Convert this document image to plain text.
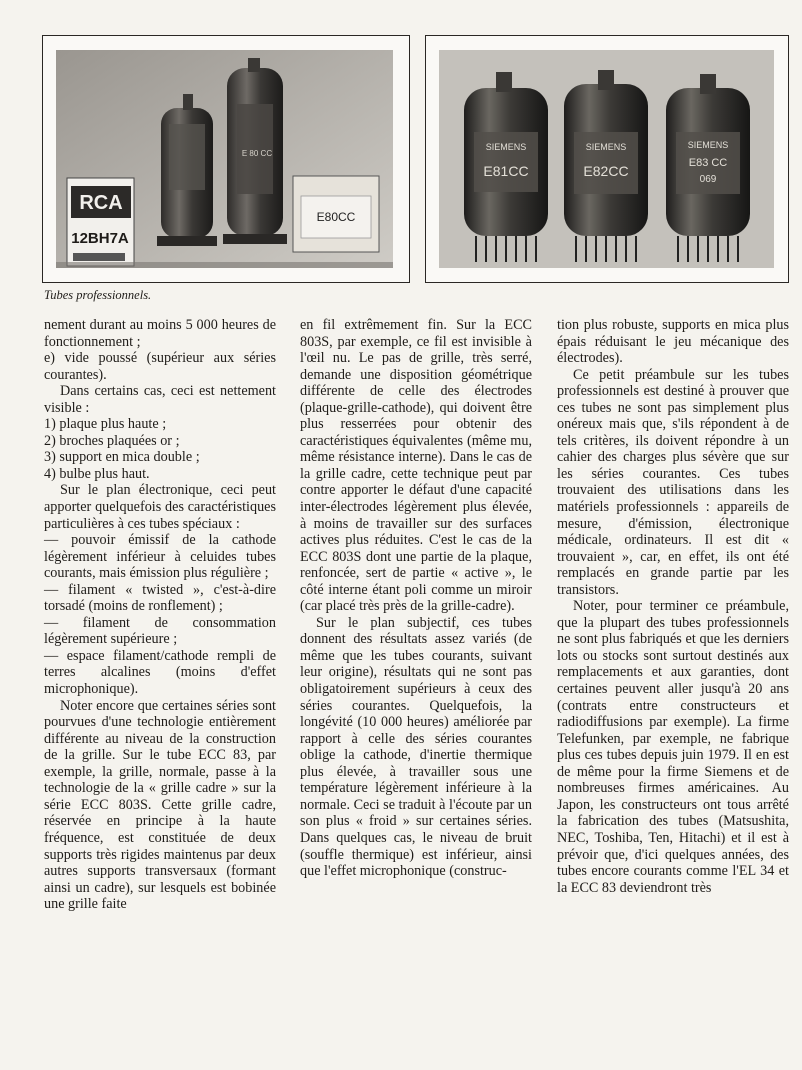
RCA
12BH7A
E 80 CC
E80CC
SIEMENS
E81CC
SIEMENS
E82CC
SIEMENS
E83 CC
069
Tubes professionnels.

nement durant au moins 5 000 heures de fonctionnement ;

e) vide poussé (supérieur aux séries courantes).

Dans certains cas, ceci est nettement visible :

1) plaque plus haute ;

2) broches plaquées or ;

3) support en mica double ;

4) bulbe plus haut.

Sur le plan électronique, ceci peut apporter quelquefois des caractéristiques particulières à ces tubes spéciaux :

— pouvoir émissif de la cathode légèrement inférieur à celuides tubes courants, mais émission plus régulière ;

— filament « twisted », c'est-à-dire torsadé (moins de ronflement) ;

— filament de consommation légèrement supérieure ;

— espace filament/cathode rempli de terres alcalines (moins d'effet microphonique).

Noter encore que certaines séries sont pourvues d'une technologie entièrement différente au niveau de la construction de la grille. Sur le tube ECC 83, par exemple, la grille, normale, passe à la technologie de la « grille cadre » sur la série ECC 803S. Cette grille cadre, réservée en principe à la haute fréquence, est constituée de deux supports très rigides maintenus par deux autres supports transversaux (formant ainsi un cadre), sur lesquels est bobinée une grille faite

en fil extrêmement fin. Sur la ECC 803S, par exemple, ce fil est invisible à l'œil nu. Le pas de grille, très serré, demande une disposition géométrique différente de celle des électrodes (plaque-grille-cathode), qui doivent être plus resserrées pour obtenir des caractéristiques équivalentes (même mu, même résistance interne). Dans le cas de la grille cadre, cette technique peut par contre apporter le défaut d'une capacité inter-électrodes légèrement plus élevée, à moins de travailler sur des surfaces actives plus réduites. C'est le cas de la ECC 803S dont une partie de la plaque, renfoncée, sert de partie « active », le côté interne étant poli comme un miroir (car placé très près de la grille-cadre).

Sur le plan subjectif, ces tubes donnent des résultats assez variés (de même que les tubes courants, suivant leur origine), résultats qui ne sont pas obligatoirement supérieurs à ceux des séries courantes. Quelquefois, la longévité (10 000 heures) améliorée par rapport à celle des séries courantes oblige la cathode, d'inertie thermique plus élevée, à travailler sous une température légèrement inférieure à la normale. Ceci se traduit à l'écoute par un son plus « froid » sur certaines séries. Dans quelques cas, le niveau de bruit (souffle thermique) est inférieur, ainsi que l'effet microphonique (construc-

tion plus robuste, supports en mica plus épais réduisant le jeu mécanique des électrodes).

Ce petit préambule sur les tubes professionnels est destiné à prouver que ces tubes ne sont pas simplement plus onéreux mais que, s'ils répondent à de tels critères, ils doivent répondre à un cahier des charges plus sévère que sur les séries courantes. Ces tubes trouvaient des utilisations dans les matériels professionnels : appareils de mesure, d'émission, électronique médicale, ordinateurs. Il est dit « trouvaient », car, en effet, ils ont été remplacés en grande partie par les transistors.

Noter, pour terminer ce préambule, que la plupart des tubes professionnels ne sont plus fabriqués et que les derniers lots ou stocks sont surtout destinés aux remplacements et aux garanties, dont certaines peuvent aller jusqu'à 20 ans (contrats entre constructeurs et radiodiffusions par exemple). La firme Telefunken, par exemple, ne fabrique plus ces tubes depuis juin 1979. Il en est de même pour la firme Siemens et de nombreuses firmes américaines. Au Japon, les constructeurs ont tous arrêté la fabrication des tubes (Matsushita, NEC, Toshiba, Ten, Hitachi) et il est à prévoir que, d'ici quelques années, des tubes encore courants comme l'EL 34 et la ECC 83 deviendront très
